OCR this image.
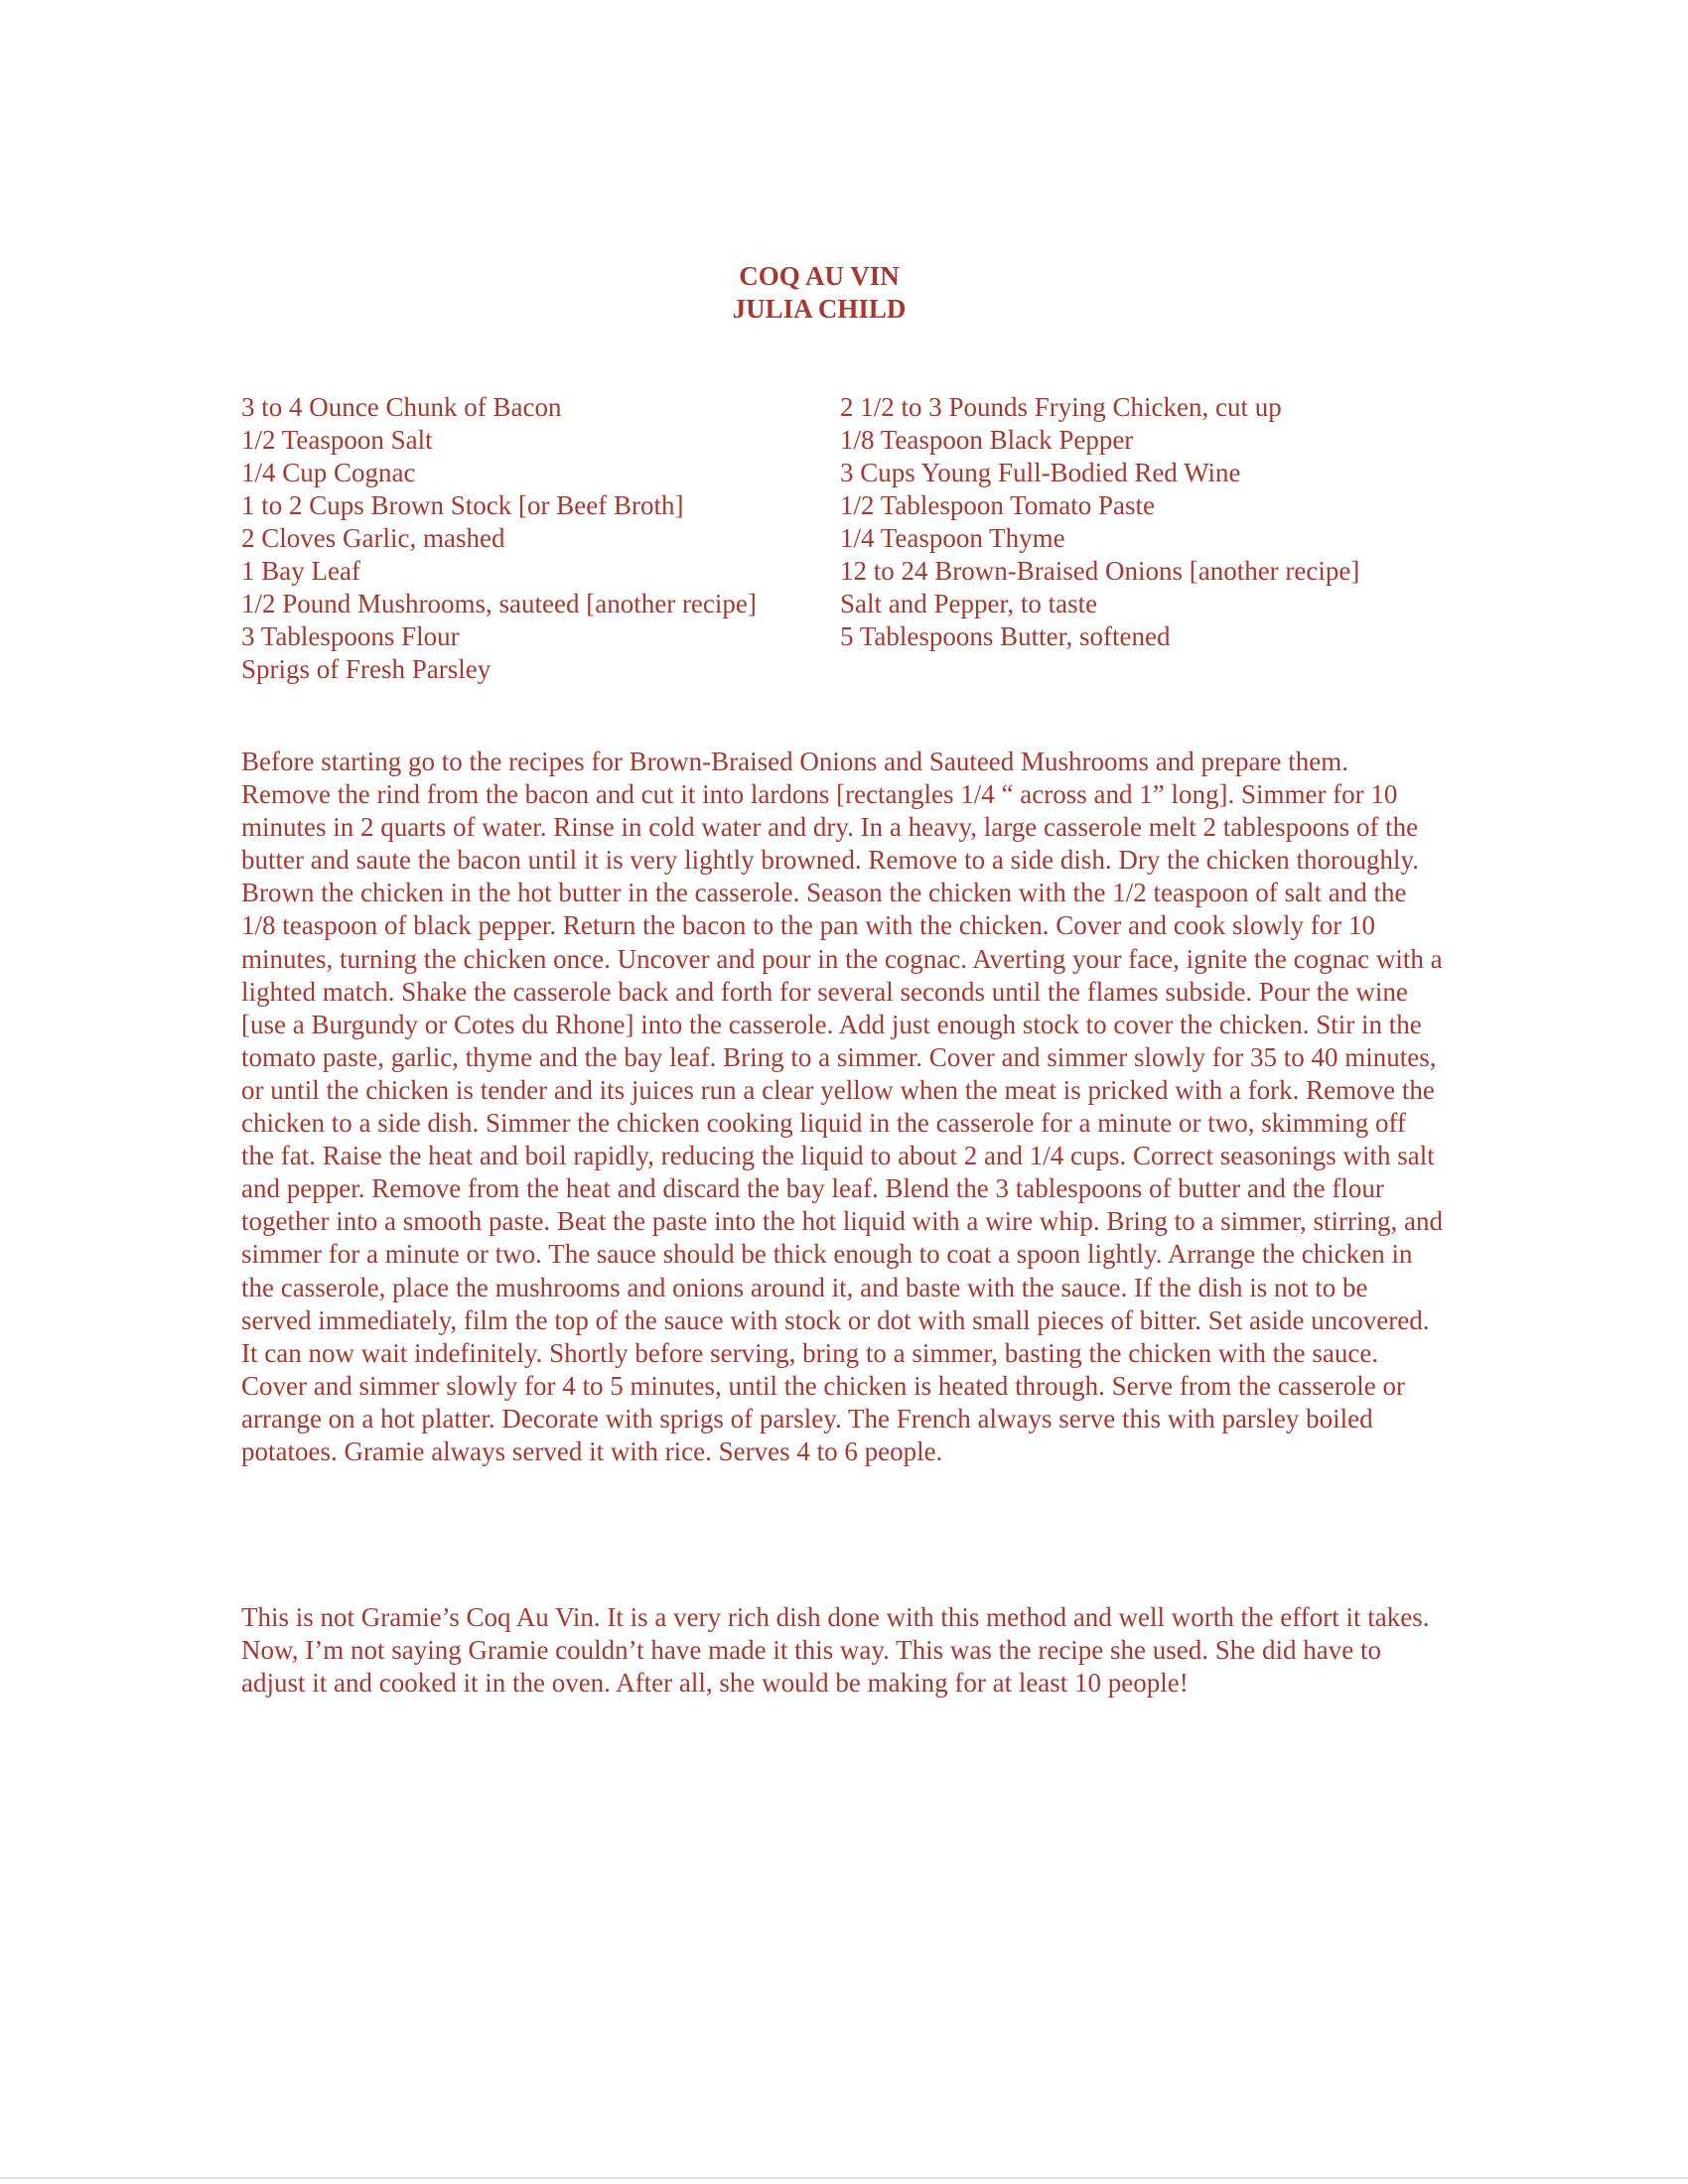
COQ AU VIN
JULIA CHILD
3 to 4 Ounce Chunk of Bacon
1/2 Teaspoon Salt
1/4 Cup Cognac
1 to 2 Cups Brown Stock [or Beef Broth]
2 Cloves Garlic, mashed
1 Bay Leaf
1/2 Pound Mushrooms, sauteed [another recipe]
3 Tablespoons Flour
Sprigs of Fresh Parsley
2 1/2 to 3 Pounds Frying Chicken, cut up
1/8 Teaspoon Black Pepper
3 Cups Young Full-Bodied Red Wine
1/2 Tablespoon Tomato Paste
1/4 Teaspoon Thyme
12 to 24 Brown-Braised Onions [another recipe]
Salt and Pepper, to taste
5 Tablespoons Butter, softened

Before starting go to the recipes for Brown-Braised Onions and Sauteed Mushrooms and prepare them. Remove the rind from the bacon and cut it into lardons [rectangles 1/4 “ across and 1” long]. Simmer for 10 minutes in 2 quarts of water. Rinse in cold water and dry. In a heavy, large casserole melt 2 tablespoons of the butter and saute the bacon until it is very lightly browned. Remove to a side dish. Dry the chicken thoroughly. Brown the chicken in the hot butter in the casserole. Season the chicken with the 1/2 teaspoon of salt and the 1/8 teaspoon of black pepper. Return the bacon to the pan with the chicken. Cover and cook slowly for 10 minutes, turning the chicken once. Uncover and pour in the cognac. Averting your face, ignite the cognac with a lighted match. Shake the casserole back and forth for several seconds until the flames subside. Pour the wine [use a Burgundy or Cotes du Rhone] into the casserole. Add just enough stock to cover the chicken. Stir in the tomato paste, garlic, thyme and the bay leaf. Bring to a simmer. Cover and simmer slowly for 35 to 40 minutes, or until the chicken is tender and its juices run a clear yellow when the meat is pricked with a fork. Remove the chicken to a side dish. Simmer the chicken cooking liquid in the casserole for a minute or two, skimming off the fat. Raise the heat and boil rapidly, reducing the liquid to about 2 and 1/4 cups. Correct seasonings with salt and pepper. Remove from the heat and discard the bay leaf. Blend the 3 tablespoons of butter and the flour together into a smooth paste. Beat the paste into the hot liquid with a wire whip. Bring to a simmer, stirring, and simmer for a minute or two. The sauce should be thick enough to coat a spoon lightly. Arrange the chicken in the casserole, place the mushrooms and onions around it, and baste with the sauce. If the dish is not to be served immediately, film the top of the sauce with stock or dot with small pieces of bitter. Set aside uncovered. It can now wait indefinitely. Shortly before serving, bring to a simmer, basting the chicken with the sauce. Cover and simmer slowly for 4 to 5 minutes, until the chicken is heated through. Serve from the casserole or arrange on a hot platter. Decorate with sprigs of parsley. The French always serve this with parsley boiled potatoes. Gramie always served it with rice. Serves 4 to 6 people.

This is not Gramie’s Coq Au Vin. It is a very rich dish done with this method and well worth the effort it takes. Now, I’m not saying Gramie couldn’t have made it this way. This was the recipe she used. She did have to adjust it and cooked it in the oven. After all, she would be making for at least 10 people!
